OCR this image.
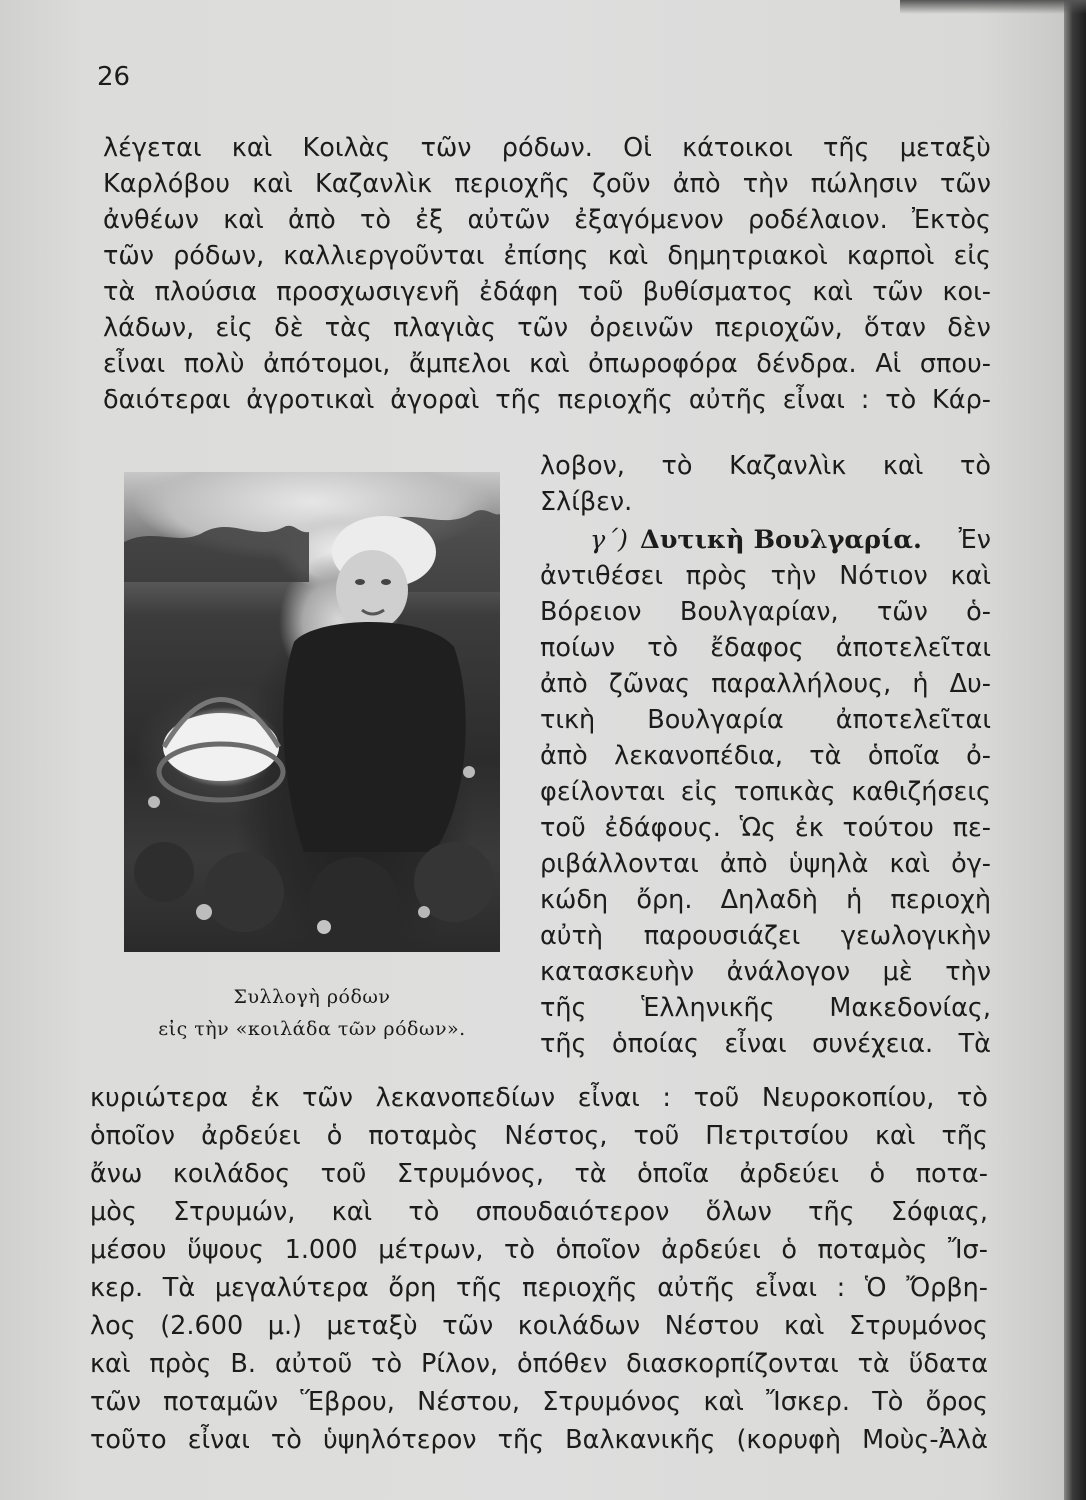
26
λέγεται καὶ Κοιλὰς τῶν ρόδων. Οἱ κάτοικοι τῆς μεταξὺ
Καρλόβου καὶ Καζανλὶκ περιοχῆς ζοῦν ἀπὸ τὴν πώλησιν τῶν
ἀνθέων καὶ ἀπὸ τὸ ἐξ αὐτῶν ἐξαγόμενον ροδέλαιον. Ἐκτὸς
τῶν ρόδων, καλλιεργοῦνται ἐπίσης καὶ δημητριακοὶ καρποὶ εἰς
τὰ πλούσια προσχωσιγενῆ ἐδάφη τοῦ βυθίσματος καὶ τῶν κοι-
λάδων, εἰς δὲ τὰς πλαγιὰς τῶν ὀρεινῶν περιοχῶν, ὅταν δὲν
εἶναι πολὺ ἀπότομοι, ἄμπελοι καὶ ὀπωροφόρα δένδρα. Αἱ σπου-
δαιότεραι ἀγροτικαὶ ἀγοραὶ τῆς περιοχῆς αὐτῆς εἶναι : τὸ Κάρ-
λοβον, τὸ Καζανλὶκ καὶ τὸ
Σλίβεν.
γ΄) Δυτικὴ Βουλγαρία. Ἐν
ἀντιθέσει πρὸς τὴν Νότιον καὶ
Βόρειον Βουλγαρίαν, τῶν ὁ-
ποίων τὸ ἔδαφος ἀποτελεῖται
ἀπὸ ζῶνας παραλλήλους, ἡ Δυ-
τικὴ Βουλγαρία ἀποτελεῖται
ἀπὸ λεκανοπέδια, τὰ ὁποῖα ὀ-
φείλονται εἰς τοπικὰς καθιζήσεις
τοῦ ἐδάφους. Ὡς ἐκ τούτου πε-
ριβάλλονται ἀπὸ ὑψηλὰ καὶ ὀγ-
κώδη ὄρη. Δηλαδὴ ἡ περιοχὴ
αὐτὴ παρουσιάζει γεωλογικὴν
κατασκευὴν ἀνάλογον μὲ τὴν
τῆς Ἑλληνικῆς Μακεδονίας,
τῆς ὁποίας εἶναι συνέχεια. Τὰ
Συλλογὴ ρόδων
εἰς τὴν «κοιλάδα τῶν ρόδων».
κυριώτερα ἐκ τῶν λεκανοπεδίων εἶναι : τοῦ Νευροκοπίου, τὸ
ὁποῖον ἀρδεύει ὁ ποταμὸς Νέστος, τοῦ Πετριτσίου καὶ τῆς
ἄνω κοιλάδος τοῦ Στρυμόνος, τὰ ὁποῖα ἀρδεύει ὁ ποτα-
μὸς Στρυμών, καὶ τὸ σπουδαιότερον ὅλων τῆς Σόφιας,
μέσου ὕψους 1.000 μέτρων, τὸ ὁποῖον ἀρδεύει ὁ ποταμὸς Ἴσ-
κερ. Τὰ μεγαλύτερα ὄρη τῆς περιοχῆς αὐτῆς εἶναι : Ὁ Ὄρβη-
λος (2.600 μ.) μεταξὺ τῶν κοιλάδων Νέστου καὶ Στρυμόνος
καὶ πρὸς Β. αὐτοῦ τὸ Ρίλον, ὁπόθεν διασκορπίζονται τὰ ὕδατα
τῶν ποταμῶν Ἕβρου, Νέστου, Στρυμόνος καὶ Ἴσκερ. Τὸ ὄρος
τοῦτο εἶναι τὸ ὑψηλότερον τῆς Βαλκανικῆς (κορυφὴ Μοὺς-Ἀλὰ
